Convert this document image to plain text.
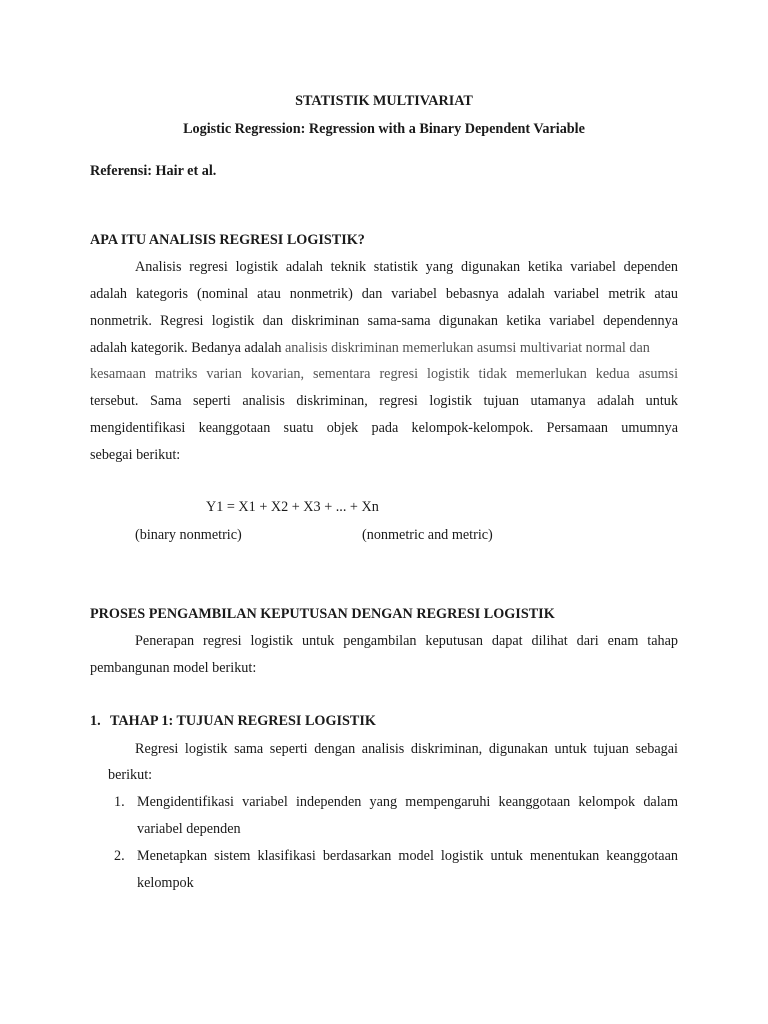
STATISTIK MULTIVARIAT
Logistic Regression: Regression with a Binary Dependent Variable
Referensi: Hair et al.
APA ITU ANALISIS REGRESI LOGISTIK?
Analisis regresi logistik adalah teknik statistik yang digunakan ketika variabel dependen
adalah kategoris (nominal atau nonmetrik) dan variabel bebasnya adalah variabel metrik atau
nonmetrik. Regresi logistik dan diskriminan sama-sama digunakan ketika variabel dependennya
adalah kategorik. Bedanya adalah analisis diskriminan memerlukan asumsi multivariat normal dan
kesamaan matriks varian kovarian, sementara regresi logistik tidak memerlukan kedua asumsi
tersebut. Sama seperti analisis diskriminan, regresi logistik tujuan utamanya adalah untuk
mengidentifikasi keanggotaan suatu objek pada kelompok-kelompok. Persamaan umumnya
sebegai berikut:
Y1 = X1 + X2 + X3 + ... + Xn
(binary nonmetric)	(nonmetric and metric)
PROSES PENGAMBILAN KEPUTUSAN DENGAN REGRESI LOGISTIK
Penerapan regresi logistik untuk pengambilan keputusan dapat dilihat dari enam tahap
pembangunan model berikut:
1. TAHAP 1: TUJUAN REGRESI LOGISTIK
Regresi logistik sama seperti dengan analisis diskriminan, digunakan untuk tujuan sebagai
berikut:
1. Mengidentifikasi variabel independen yang mempengaruhi keanggotaan kelompok dalam
variabel dependen
2. Menetapkan sistem klasifikasi berdasarkan model logistik untuk menentukan keanggotaan
kelompok
